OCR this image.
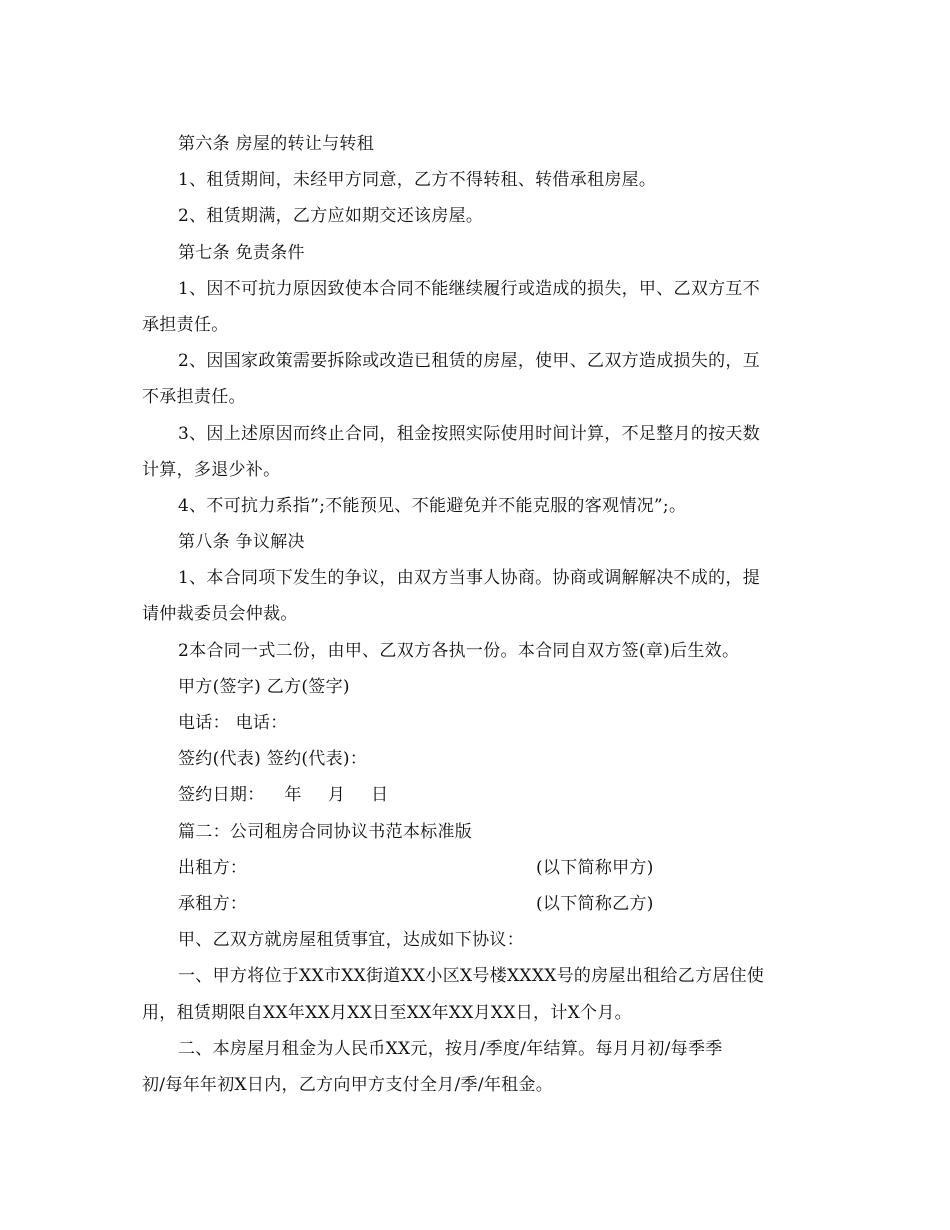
第六条 房屋的转让与转租
1、租赁期间，未经甲方同意，乙方不得转租、转借承租房屋。
2、租赁期满，乙方应如期交还该房屋。
第七条 免责条件
1、因不可抗力原因致使本合同不能继续履行或造成的损失，甲、乙双方互不
承担责任。
2、因国家政策需要拆除或改造已租赁的房屋，使甲、乙双方造成损失的，互
不承担责任。
3、因上述原因而终止合同，租金按照实际使用时间计算，不足整月的按天数
计算，多退少补。
4、不可抗力系指”;不能预见、不能避免并不能克服的客观情况”;。
第八条 争议解决
1、本合同项下发生的争议，由双方当事人协商。协商或调解解决不成的，提
请仲裁委员会仲裁。
2本合同一式二份，由甲、乙双方各执一份。本合同自双方签(章)后生效。
甲方(签字) 乙方(签字)
电话： 电话：
签约(代表) 签约(代表)：
签约日期： 年 月 日
篇二：公司租房合同协议书范本标准版
出租方：	(以下简称甲方)
承租方：	(以下简称乙方)
甲、乙双方就房屋租赁事宜，达成如下协议：
一、甲方将位于XX市XX街道XX小区X号楼XXXX号的房屋出租给乙方居住使
用，租赁期限自XX年XX月XX日至XX年XX月XX日，计X个月。
二、本房屋月租金为人民币XX元，按月/季度/年结算。每月月初/每季季
初/每年年初X日内，乙方向甲方支付全月/季/年租金。
